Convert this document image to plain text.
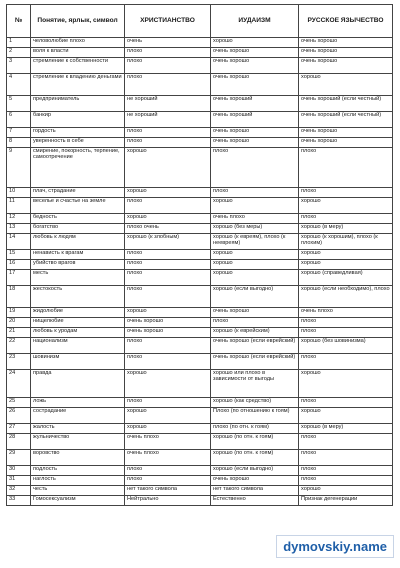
№	Понятие, ярлык, символ	ХРИСТИАНСТВО	ИУДАИЗМ	РУССКОЕ ЯЗЫЧЕСТВО
1	человолюбие плохо	очень	хорошо	очень хорошо
2	воля к власти	плохо	очень хорошо	очень хорошо
3	стремление к собственности	плохо	очень хорошо	очень хорошо
4	стремление к владению деньгами	плохо	очень хорошо	хорошо
5	предприниматель	не хороший	очень хороший	очень хороший (если честный)
6	банкир	не хороший	очень хороший	очень хороший (если честный)
7	гордость	плохо	очень хорошо	очень хорошо
8	уверенность в себе	плохо	очень хорошо	очень хорошо
9	смирение, покорность, терпение, самоотречение	хорошо	плохо	плохо
10	плач, страдание	хорошо	плохо	плохо
11	веселье и счастье на земле	плохо	хорошо	хорошо
12	бедность	хорошо	очень плохо	плохо
13	богатство	плохо очень	хорошо (без меры)	хорошо (в меру)
14	любовь к людям	хорошо (к злобным)	хорошо (к евреям), плохо (к неевреям)	хорошо (к хорошим), плохо (к плохим)
15	ненависть к врагам	плохо	хорошо	хорошо
16	убийство врагов	плохо	хорошо	хорошо
17	месть	плохо	хорошо	хорошо (справедливая)
18	жестокость	плохо	хорошо (если выгодно)	хорошо (если необходимо), плохо
19	жидолюбие	хорошо	очень хорошо	очень плохо
20	нищелюбие	очень хорошо	плохо	плохо
21	любовь к уродам	очень хорошо	хорошо (к еврейским)	плохо
22	национализм	плохо	очень хорошо (если еврейский)	хорошо (без шовинизма)
23	шовинизм	плохо	очень хорошо (если еврейский)	плохо
24	правда	хорошо	хорошо или плохо в зависимости от выгоды	хорошо
25	ложь	плохо	хорошо (как средство)	плохо
26	сострадание	хорошо	Плохо (по отношению к гоям)	хорошо
27	жалость	хорошо	плохо (по отн. к гоям)	хорошо (в меру)
28	жульничество	очень плохо	хорошо (по отн. к гоям)	плохо
29	воровство	очень плохо	хорошо (по отн. к гоям)	плохо
30	подлость	плохо	хорошо (если выгодно)	плохо
31	наглость	плохо	очень хорошо	плохо
32	честь	нет такого символа	нет такого символа	хорошо
33	Гомосексуализм	Нейтрально	Естественно	Признак дегенерации
dymovskiy.name
